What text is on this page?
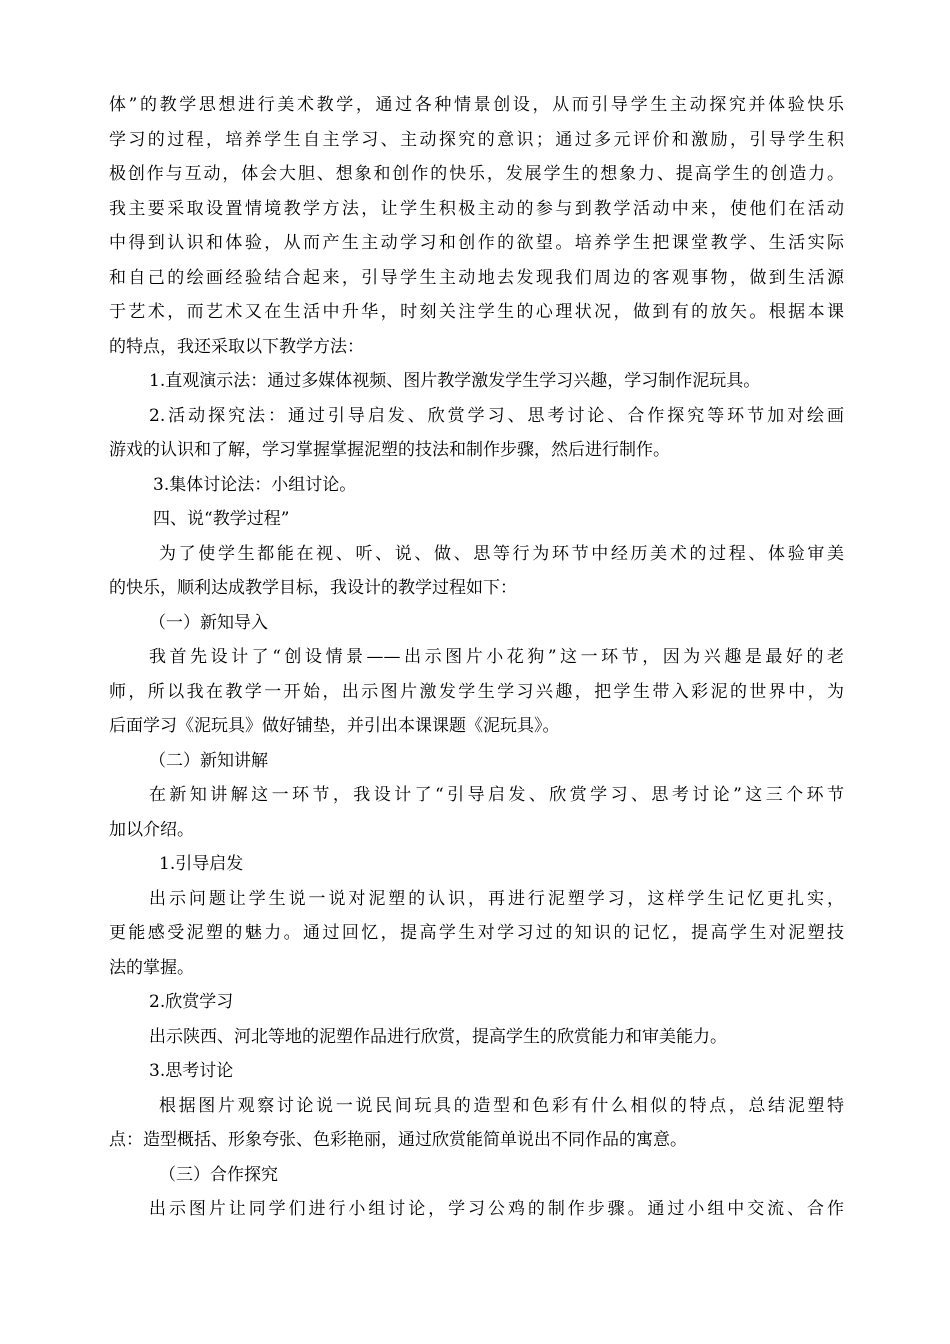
体”的教学思想进行美术教学，通过各种情景创设，从而引导学生主动探究并体验快乐
学习的过程，培养学生自主学习、主动探究的意识；通过多元评价和激励，引导学生积
极创作与互动，体会大胆、想象和创作的快乐，发展学生的想象力、提高学生的创造力。
我主要采取设置情境教学方法，让学生积极主动的参与到教学活动中来，使他们在活动
中得到认识和体验，从而产生主动学习和创作的欲望。培养学生把课堂教学、生活实际
和自己的绘画经验结合起来，引导学生主动地去发现我们周边的客观事物，做到生活源
于艺术，而艺术又在生活中升华，时刻关注学生的心理状况，做到有的放矢。根据本课
的特点，我还采取以下教学方法：
1.直观演示法：通过多媒体视频、图片教学激发学生学习兴趣，学习制作泥玩具。
2.活动探究法：通过引导启发、欣赏学习、思考讨论、合作探究等环节加对绘画
游戏的认识和了解，学习掌握掌握泥塑的技法和制作步骤，然后进行制作。
3.集体讨论法：小组讨论。
四、说“教学过程”
为了使学生都能在视、听、说、做、思等行为环节中经历美术的过程、体验审美
的快乐，顺利达成教学目标，我设计的教学过程如下：
（一）新知导入
我首先设计了“创设情景——出示图片小花狗”这一环节，因为兴趣是最好的老
师，所以我在教学一开始，出示图片激发学生学习兴趣，把学生带入彩泥的世界中，为
后面学习《泥玩具》做好铺垫，并引出本课课题《泥玩具》。
（二）新知讲解
在新知讲解这一环节，我设计了“引导启发、欣赏学习、思考讨论”这三个环节
加以介绍。
1.引导启发
出示问题让学生说一说对泥塑的认识，再进行泥塑学习，这样学生记忆更扎实，
更能感受泥塑的魅力。通过回忆，提高学生对学习过的知识的记忆，提高学生对泥塑技
法的掌握。
2.欣赏学习
出示陕西、河北等地的泥塑作品进行欣赏，提高学生的欣赏能力和审美能力。
3.思考讨论
根据图片观察讨论说一说民间玩具的造型和色彩有什么相似的特点，总结泥塑特
点：造型概括、形象夸张、色彩艳丽，通过欣赏能简单说出不同作品的寓意。
（三）合作探究
出示图片让同学们进行小组讨论，学习公鸡的制作步骤。通过小组中交流、合作
